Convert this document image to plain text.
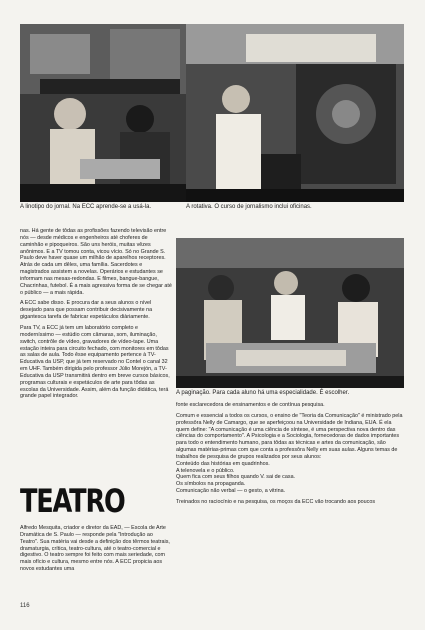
A linotipo do jornal. Na ECC aprende-se a usá-la.	A rotativa. O curso de jornalismo inclui oficinas.

nas. Há gente de tôdas as profissões fazendo televisão entre nós — desde médicos e engenheiros até choferes de caminhão e pipoqueiros. São uns heróis, muitas vêzes anônimos. E a TV tomou conta, vicou vício. Só no Grande S. Paulo deve haver quase um milhão de aparelhos receptores. Atrás de cada um dêles, uma família. Sacerdotes e magistrados assistem a novelas. Operários e estudantes se informam nas mesas-redondas. E filmes, bangue-bangue, Chacrinhas, futebol. É a mais agressiva forma de se chegar até o público — a mais rápida.

A ECC sabe disso. E procura dar a seus alunos o nível desejado para que possam contribuir decisivamente na gigantesca tarefa de fabricar espetáculos diàriamente.

Para TV, a ECC já tem um laboratório completo e moderníssimo — estúdio com câmaras, som, iluminação, switch, contrôle de vídeo, gravadores de vídeo-tape. Uma estação inteira para circuito fechado, com monitores em tôdas as salas de aula. Todo êsse equipamento pertence à TV-Educativa da USP, que já tem reservado no Contel o canal 32 em UHF. Também dirigida pelo professor Júlio Morejón, a TV-Educativa da USP transmitirá dentro em breve cursos básicos, programas culturais e espetáculos de arte para tôdas as escolas da Universidade. Assim, além da função didática, terá grande papel integrador.

A paginação. Para cada aluno há uma especialidade. É escolher.

fonte esclarecedora de ensinamentos e de contínua pesquisa.

Comum e essencial a todos os cursos, o ensino de "Teoria da Comunicação" é ministrado pela professôra Nelly de Camargo, que se aperfeiçoou na Universidade de Indiana, EUA. É ela quem define: "A comunicação é uma ciência de síntese, é uma perspectiva nova dentro das ciências do comportamento". A Psicologia e a Sociologia, fornecedoras de dados importantes para todo o entendimento humano, para tôdas as técnicas e artes da comunicação, são algumas matérias-primas com que conta a professôra Nelly em suas aulas. Alguns temas de trabalhos de pesquisa de grupos realizados por seus alunos:

Conteúdo das histórias em quadrinhos.

A telenovela e o público.

Quem fica com seus filhos quando V. sai de casa.

Os símbolos na propaganda.

Comunicação não verbal — o gesto, a vitrina.

Treinados no raciocínio e na pesquisa, os moços da ECC vão trocando aos poucos

TEATRO

Alfredo Mesquita, criador e diretor da EAD, — Escola de Arte Dramática de S. Paulo — responde pela "Introdução ao Teatro". Sua matéria vai desde a definição dos têrmos teatrais, dramaturgia, crítica, teatro-cultura, até o teatro-comercial e digestivo. O teatro sempre foi feito com mais seriedade, com mais ofício e cultura, mesmo entre nós. A ECC propicia aos novos estudantes uma

116
